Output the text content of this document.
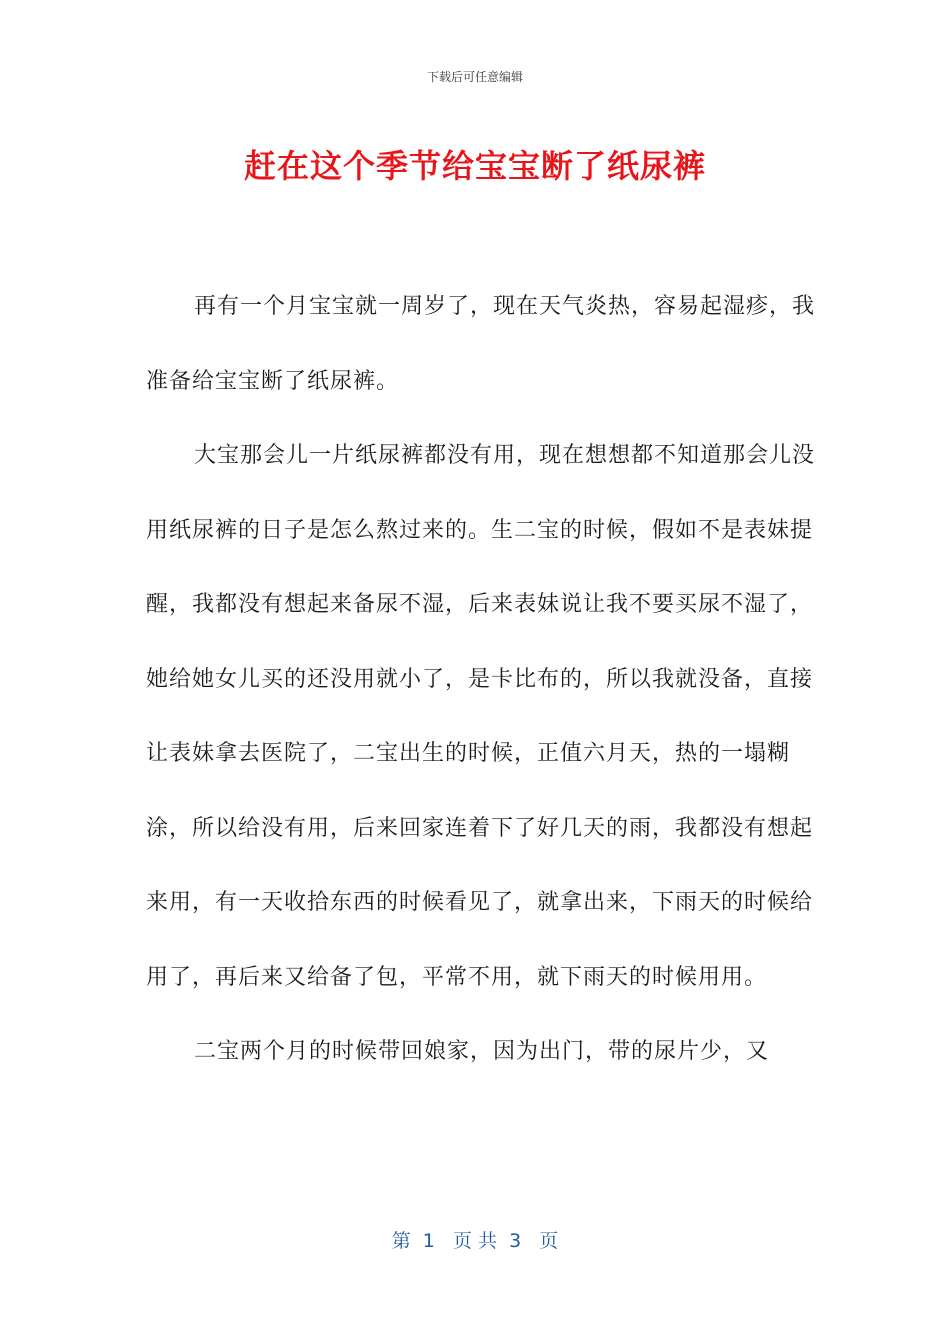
下载后可任意编辑
赶在这个季节给宝宝断了纸尿裤

再有一个月宝宝就一周岁了，现在天气炎热，容易起湿疹，我准备给宝宝断了纸尿裤。

大宝那会儿一片纸尿裤都没有用，现在想想都不知道那会儿没用纸尿裤的日子是怎么熬过来的。生二宝的时候，假如不是表妹提醒，我都没有想起来备尿不湿，后来表妹说让我不要买尿不湿了，她给她女儿买的还没用就小了，是卡比布的，所以我就没备，直接让表妹拿去医院了，二宝出生的时候，正值六月天，热的一塌糊涂，所以给没有用，后来回家连着下了好几天的雨，我都没有想起来用，有一天收拾东西的时候看见了，就拿出来，下雨天的时候给用了，再后来又给备了包，平常不用，就下雨天的时候用用。

二宝两个月的时候带回娘家，因为出门，带的尿片少，又

第  1   页 共  3   页
